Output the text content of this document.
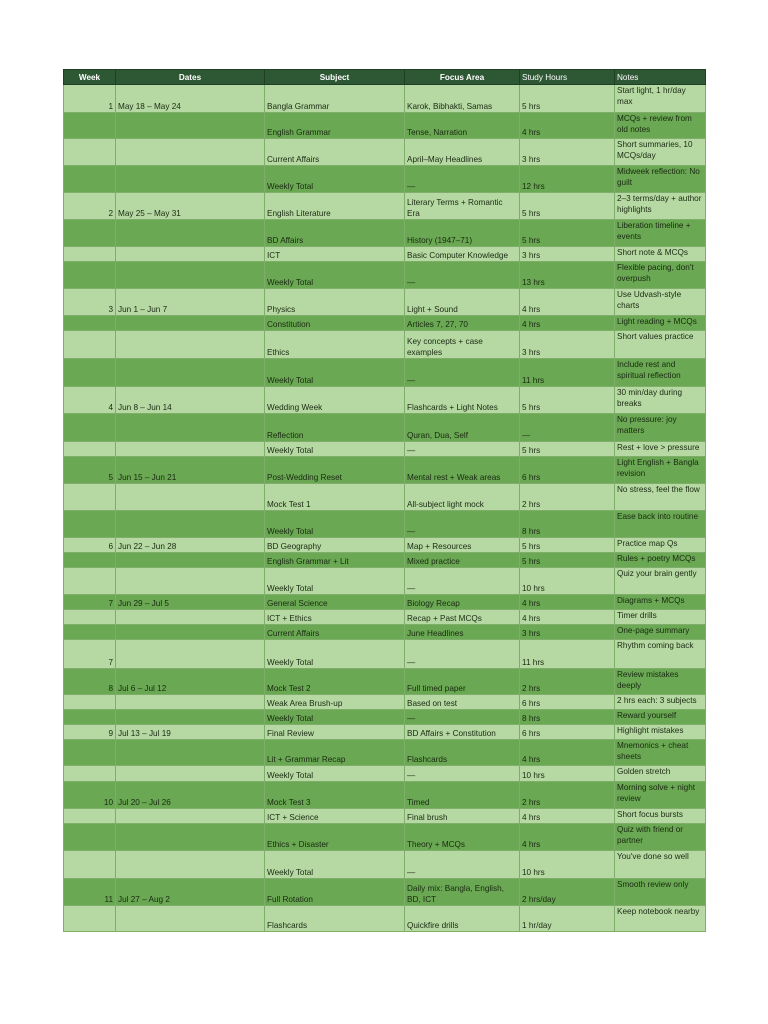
Week	Dates	Subject	Focus Area	Study Hours	Notes
1	May 18 – May 24	Bangla Grammar	Karok, Bibhakti, Samas	5 hrs	Start light, 1 hr/day max
		English Grammar	Tense, Narration	4 hrs	MCQs + review from old notes
		Current Affairs	April–May Headlines	3 hrs	Short summaries, 10 MCQs/day
		Weekly Total	—	12 hrs	Midweek reflection: No guilt
2	May 25 – May 31	English Literature	Literary Terms + Romantic Era	5 hrs	2–3 terms/day + author highlights
		BD Affairs	History (1947–71)	5 hrs	Liberation timeline + events
		ICT	Basic Computer Knowledge	3 hrs	Short note & MCQs
		Weekly Total	—	13 hrs	Flexible pacing, don't overpush
3	Jun 1 – Jun 7	Physics	Light + Sound	4 hrs	Use Udvash-style charts
		Constitution	Articles 7, 27, 70	4 hrs	Light reading + MCQs
		Ethics	Key concepts + case examples	3 hrs	Short values practice
		Weekly Total	—	11 hrs	Include rest and spiritual reflection
4	Jun 8 – Jun 14	Wedding Week	Flashcards + Light Notes	5 hrs	30 min/day during breaks
		Reflection	Quran, Dua, Self	—	No pressure: joy matters
		Weekly Total	—	5 hrs	Rest + love > pressure
5	Jun 15 – Jun 21	Post-Wedding Reset	Mental rest + Weak areas	6 hrs	Light English + Bangla revision
		Mock Test 1	All-subject light mock	2 hrs	No stress, feel the flow
		Weekly Total	—	8 hrs	Ease back into routine
6	Jun 22 – Jun 28	BD Geography	Map + Resources	5 hrs	Practice map Qs
		English Grammar + Lit	Mixed practice	5 hrs	Rules + poetry MCQs
		Weekly Total	—	10 hrs	Quiz your brain gently
7	Jun 29 – Jul 5	General Science	Biology Recap	4 hrs	Diagrams + MCQs
		ICT + Ethics	Recap + Past MCQs	4 hrs	Timer drills
		Current Affairs	June Headlines	3 hrs	One-page summary
7		Weekly Total	—	11 hrs	Rhythm coming back
8	Jul 6 – Jul 12	Mock Test 2	Full timed paper	2 hrs	Review mistakes deeply
		Weak Area Brush-up	Based on test	6 hrs	2 hrs each: 3 subjects
		Weekly Total	—	8 hrs	Reward yourself
9	Jul 13 – Jul 19	Final Review	BD Affairs + Constitution	6 hrs	Highlight mistakes
		Lit + Grammar Recap	Flashcards	4 hrs	Mnemonics + cheat sheets
		Weekly Total	—	10 hrs	Golden stretch
10	Jul 20 – Jul 26	Mock Test 3	Timed	2 hrs	Morning solve + night review
		ICT + Science	Final brush	4 hrs	Short focus bursts
		Ethics + Disaster	Theory + MCQs	4 hrs	Quiz with friend or partner
		Weekly Total	—	10 hrs	You've done so well
11	Jul 27 – Aug 2	Full Rotation	Daily mix: Bangla, English, BD, ICT	2 hrs/day	Smooth review only
		Flashcards	Quickfire drills	1 hr/day	Keep notebook nearby
